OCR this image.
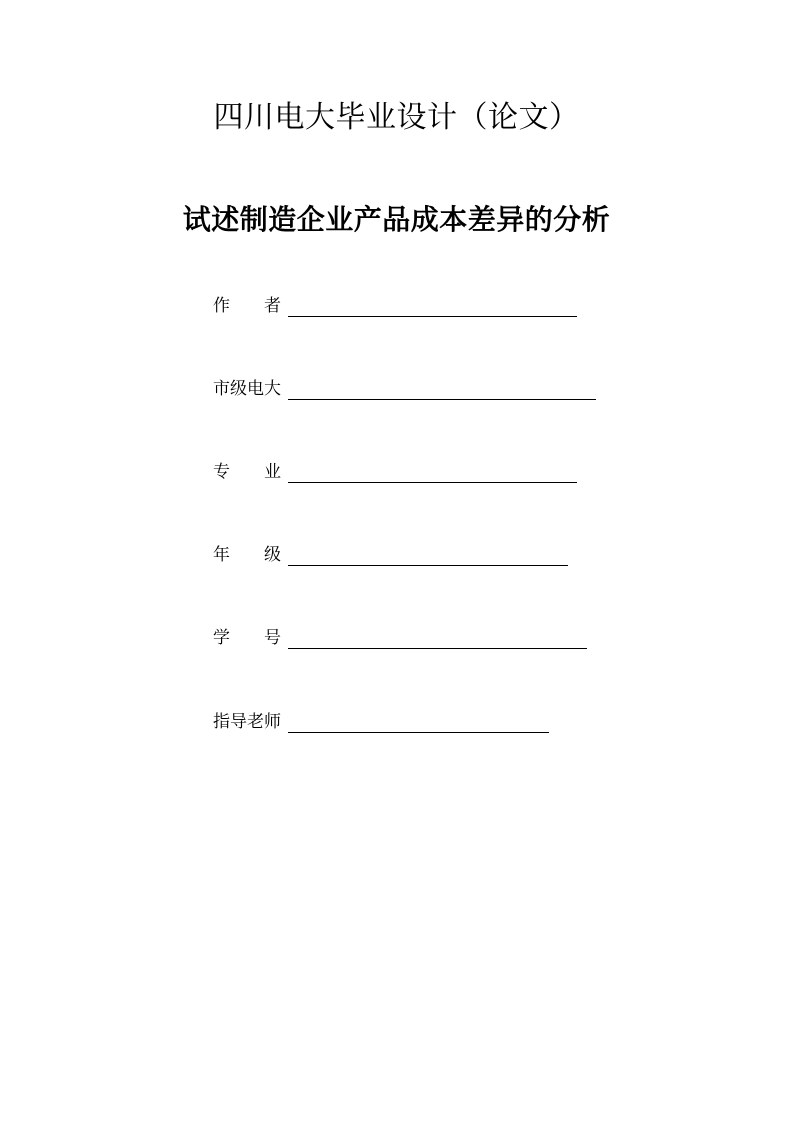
四川电大毕业设计（论文）
试述制造企业产品成本差异的分析
作　　者
市级电大
专　　业
年　　级
学　　号
指导老师
